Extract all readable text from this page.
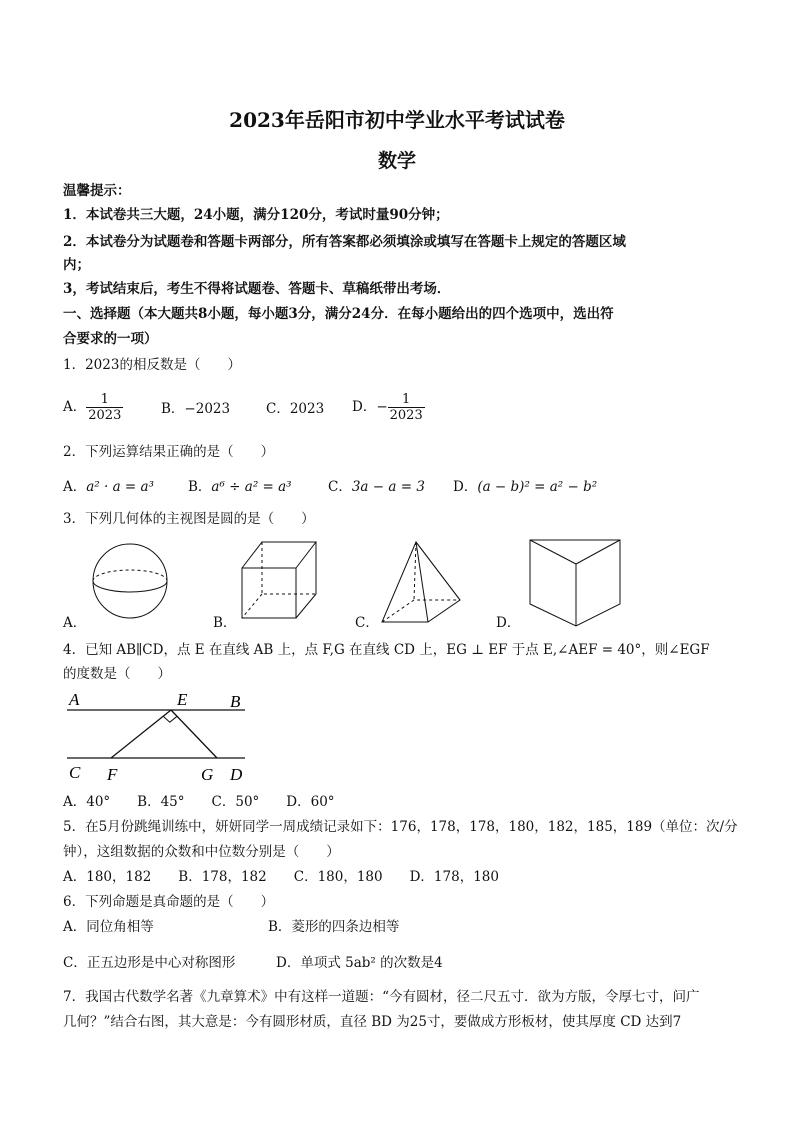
2023年岳阳市初中学业水平考试试卷
数学
温馨提示：
1．本试卷共三大题，24小题，满分120分，考试时量90分钟；
2．本试卷分为试题卷和答题卡两部分，所有答案都必须填涂或填写在答题卡上规定的答题区域
内；
3，考试结束后，考生不得将试题卷、答题卡、草稿纸带出考场．
一、选择题（本大题共8小题，每小题3分，满分24分．在每小题给出的四个选项中，选出符
合要求的一项）
1．2023的相反数是（　　）
A． $\frac{1}{2023}$	B．−2023	C．2023 D．− $\frac{1}{2023}$
2．下列运算结果正确的是（　　）
A．a² · a = a³	B．a⁶ ÷ a² = a³	C．3a − a = 3 D．(a − b)² = a² − b²
3．下列几何体的主视图是圆的是（　　）
A．	B．	C．	D．
4．已知 AB∥CD，点 E 在直线 AB 上，点 F,G 在直线 CD 上，EG ⊥ EF 于点 E,∠AEF = 40°，则∠EGF
的度数是（　　）
A	E	B
C F	G D
A．40°　　B．45°　　C．50°　　D．60°
5．在5月份跳绳训练中，妍妍同学一周成绩记录如下：176，178，178，180，182，185，189（单位：次/分
钟），这组数据的众数和中位数分别是（　　）
A．180，182　　B．178，182　　C．180，180　　D．178，180
6．下列命题是真命题的是（　　）
A．同位角相等	B．菱形的四条边相等
C．正五边形是中心对称图形	D．单项式 5ab² 的次数是4
7．我国古代数学名著《九章算术》中有这样一道题：“今有圆材，径二尺五寸．欲为方版，令厚七寸，问广
几何？”结合右图，其大意是：今有圆形材质，直径 BD 为25寸，要做成方形板材，使其厚度 CD 达到7
